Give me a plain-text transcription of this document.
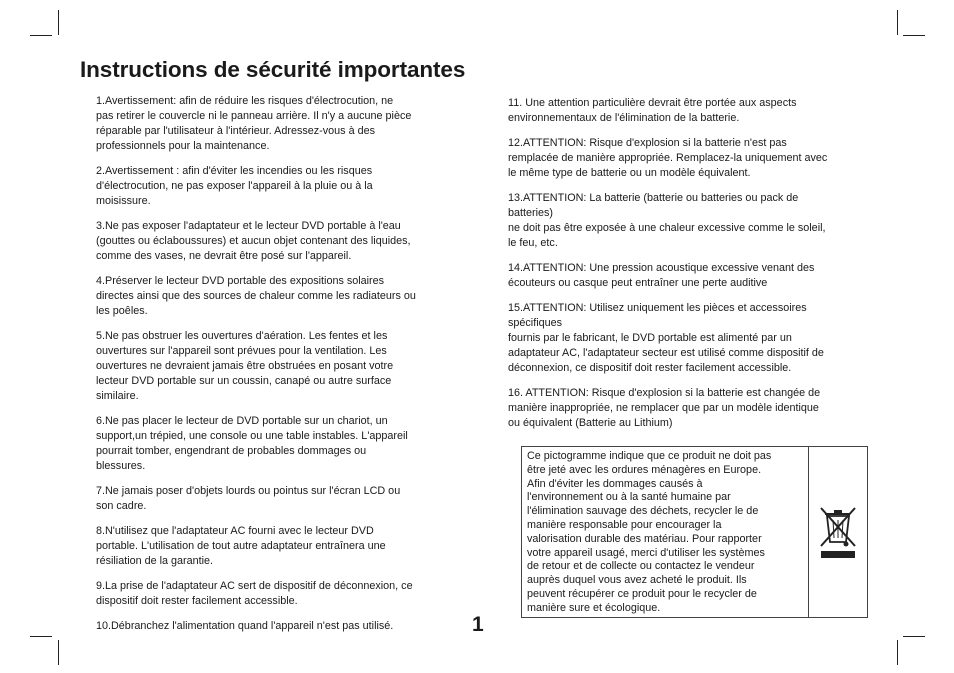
Instructions de sécurité importantes

1.Avertissement: afin de réduire les risques d'électrocution, ne
pas retirer le couvercle ni le panneau arrière. Il n'y a aucune pièce
réparable par l'utilisateur à l'intérieur. Adressez-vous à des
professionnels pour la maintenance.

2.Avertissement : afin d'éviter les incendies ou les risques
d'électrocution, ne pas exposer l'appareil à la pluie ou à la
moisissure.

3.Ne pas exposer l'adaptateur et le lecteur DVD portable à l'eau
(gouttes ou éclaboussures) et aucun objet contenant des liquides,
comme des vases, ne devrait être posé sur l'appareil.

4.Préserver le lecteur DVD portable des expositions solaires
directes ainsi que des sources de chaleur comme les radiateurs ou
les poêles.

5.Ne pas obstruer les ouvertures d'aération. Les fentes et les
ouvertures sur l'appareil sont prévues pour la ventilation. Les
ouvertures ne devraient jamais être obstruées en posant votre
lecteur DVD portable sur un coussin, canapé ou autre surface
similaire.

6.Ne pas placer le lecteur de DVD portable sur un chariot, un
support,un trépied, une console ou une table instables. L'appareil
pourrait tomber, engendrant de probables dommages ou
blessures.

7.Ne jamais poser d'objets lourds ou pointus sur l'écran LCD ou
son cadre.

8.N'utilisez que l'adaptateur AC fourni avec le lecteur DVD
portable. L'utilisation de tout autre adaptateur entraînera une
résiliation de la garantie.

9.La prise de l'adaptateur AC sert de dispositif de déconnexion, ce
dispositif doit rester facilement accessible.

10.Débranchez l'alimentation quand l'appareil n'est pas utilisé.

11. Une attention particulière devrait être portée aux aspects
environnementaux de l'élimination de la batterie.

12.ATTENTION: Risque d'explosion si la batterie n'est pas
remplacée de manière appropriée. Remplacez-la uniquement avec
le même type de batterie ou un modèle équivalent.

13.ATTENTION: La batterie (batterie ou batteries ou pack de
batteries)
ne doit pas être exposée à une chaleur excessive comme le soleil,
le feu, etc.

14.ATTENTION: Une pression acoustique excessive venant des
écouteurs ou casque peut entraîner une perte auditive

15.ATTENTION: Utilisez uniquement les pièces et accessoires
spécifiques
fournis par le fabricant, le DVD portable est alimenté par un
adaptateur AC, l'adaptateur secteur est utilisé comme dispositif de
déconnexion, ce dispositif doit rester facilement accessible.

16. ATTENTION: Risque d'explosion si la batterie est changée de
manière inappropriée, ne remplacer que par un modèle identique
ou équivalent (Batterie au Lithium)

1
Ce pictogramme indique que ce produit ne doit pas
être jeté avec les ordures ménagères en Europe.
Afin d'éviter les dommages causés à
l'environnement ou à la santé humaine par
l'élimination sauvage des déchets, recycler le de
manière responsable pour encourager la
valorisation durable des matériau. Pour rapporter
votre appareil usagé, merci d'utiliser les systèmes
de retour et de collecte ou contactez le vendeur
auprès duquel vous avez acheté le produit. Ils
peuvent récupérer ce produit pour le recycler de
manière sure et écologique.
